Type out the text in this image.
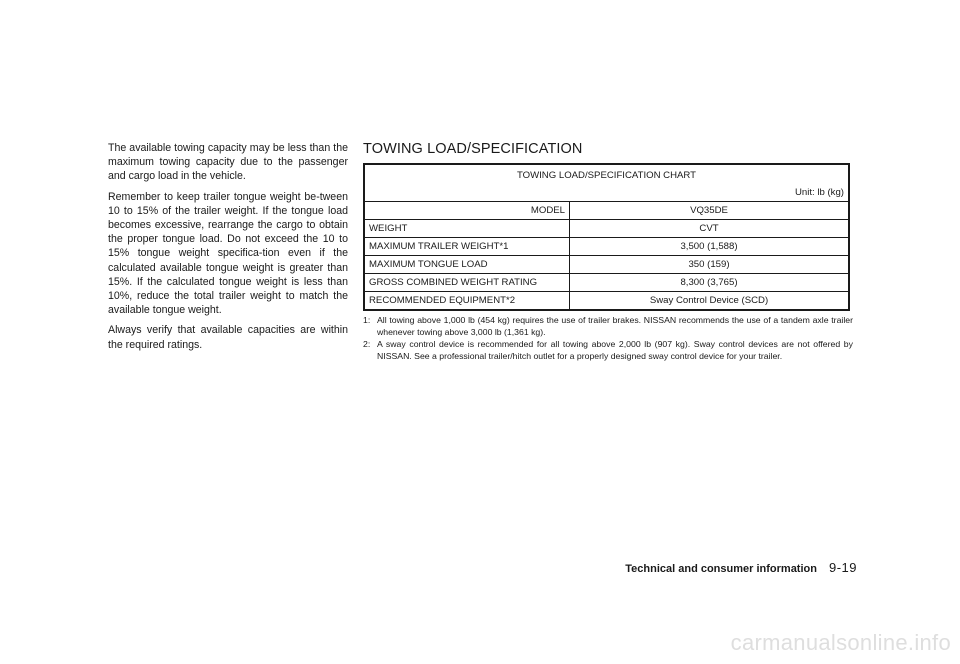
The available towing capacity may be less than the maximum towing capacity due to the passenger and cargo load in the vehicle.

Remember to keep trailer tongue weight be-tween 10 to 15% of the trailer weight. If the tongue load becomes excessive, rearrange the cargo to obtain the proper tongue load. Do not exceed the 10 to 15% tongue weight specifica-tion even if the calculated available tongue weight is greater than 15%. If the calculated tongue weight is less than 10%, reduce the total trailer weight to match the available tongue weight.

Always verify that available capacities are within the required ratings.

TOWING LOAD/SPECIFICATION
TOWING LOAD/SPECIFICATION CHART	
Unit: lb (kg)	
MODEL	VQ35DE
WEIGHT	CVT
MAXIMUM TRAILER WEIGHT*1	3,500 (1,588)
MAXIMUM TONGUE LOAD	350 (159)
GROSS COMBINED WEIGHT RATING	8,300 (3,765)
RECOMMENDED EQUIPMENT*2	Sway Control Device (SCD)
1: All towing above 1,000 lb (454 kg) requires the use of trailer brakes. NISSAN recommends the use of a tandem axle trailer whenever towing above 3,000 lb (1,361 kg).
2: A sway control device is recommended for all towing above 2,000 lb (907 kg). Sway control devices are not offered by NISSAN. See a professional trailer/hitch outlet for a properly designed sway control device for your trailer.
Technical and consumer information 9-19
carmanualsonline.info
